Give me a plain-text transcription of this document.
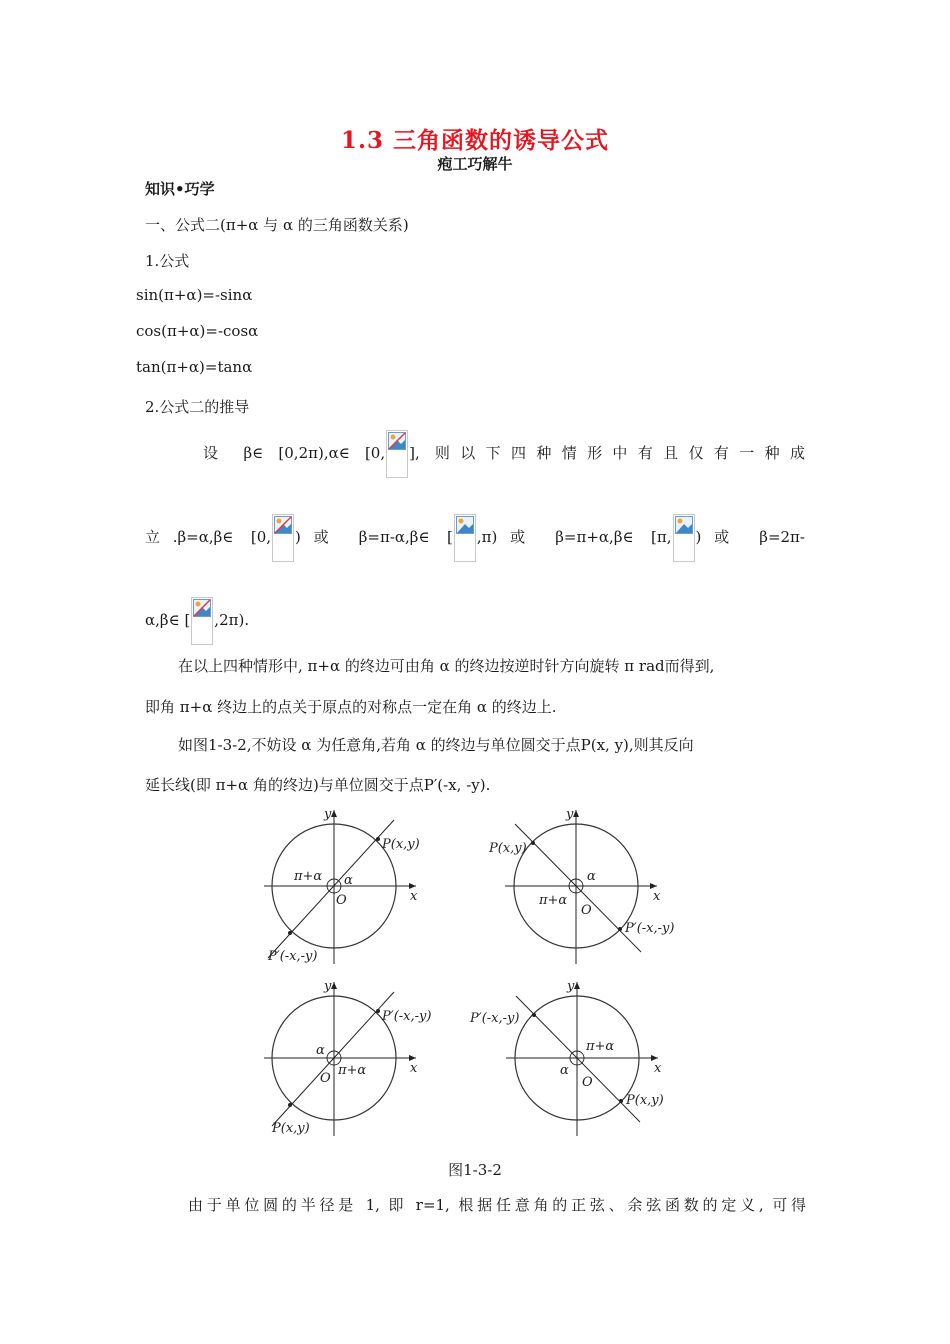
1.3 三角函数的诱导公式
疱工巧解牛
知识•巧学
一、公式二(π+α 与 α 的三角函数关系)
1.公式
sin(π+α)=-sinα
cos(π+α)=-cosα
tan(π+α)=tanα
2.公式二的推导
设 β∈ [0,2π),α∈ [0, ], 则以下四种情形中有且仅有一种成
立.β=α,β∈ [0, )或 β=π-α,β∈ [ ,π)或 β=π+α,β∈ [π, )或 β=2π-
α,β∈ [ ,2π).
在以上四种情形中, π+α 的终边可由角 α 的终边按逆时针方向旋转 π rad而得到,
即角 π+α 终边上的点关于原点的对称点一定在角 α 的终边上.
如图1-3-2,不妨设 α 为任意角,若角 α 的终边与单位圆交于点P(x, y),则其反向
延长线(即 π+α 角的终边)与单位圆交于点P′(-x, -y).
x
y
O
α
π+α
P(x,y)
P′(-x,-y)
x
y
O
α
π+α
P(x,y)
P′(-x,-y)
x
y
O
α
π+α
P′(-x,-y)
P(x,y)
x
y
O
α
π+α
P′(-x,-y)
P(x,y)
图1-3-2
由于单位圆的半径是 1, 即 r=1, 根据任意角的正弦、余弦函数的定义, 可得
